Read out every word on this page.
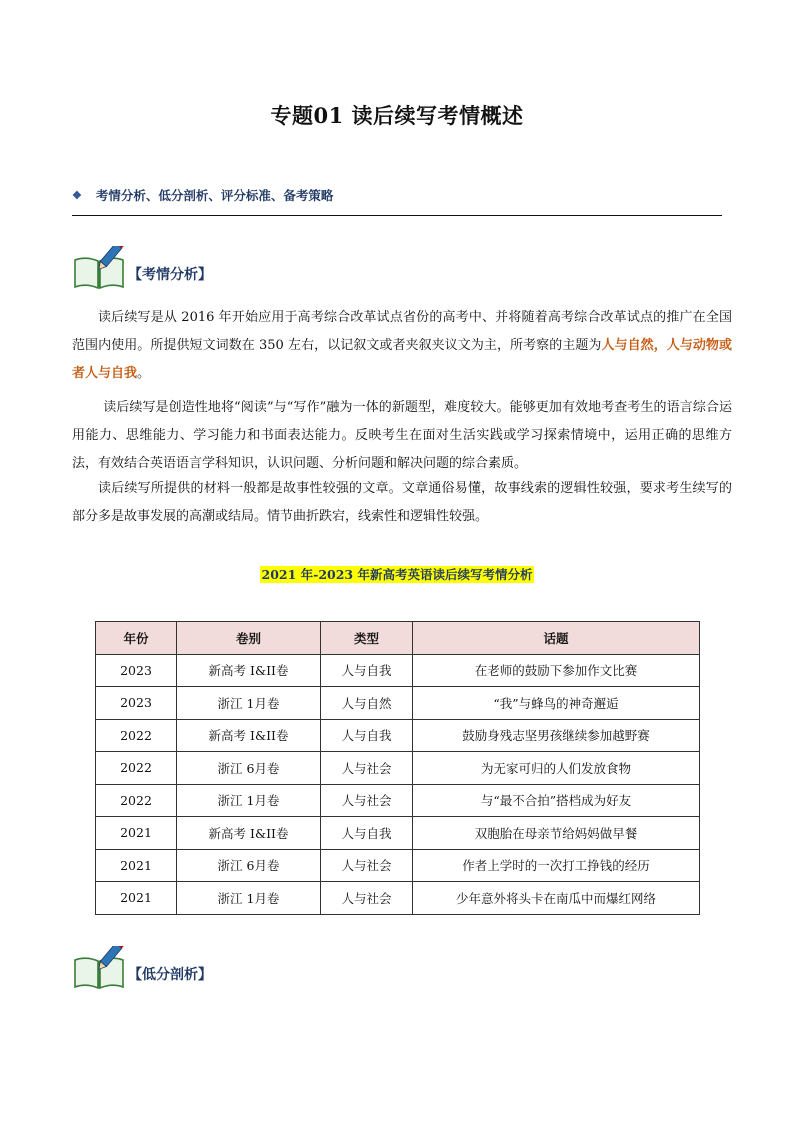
专题01 读后续写考情概述
❖ 考情分析、低分剖析、评分标准、备考策略
【考情分析】

读后续写是从 2016 年开始应用于高考综合改革试点省份的高考中、并将随着高考综合改革试点的推广在全国范围内使用。所提供短文词数在 350 左右，以记叙文或者夹叙夹议文为主，所考察的主题为人与自然，人与动物或者人与自我。

读后续写是创造性地将“阅读”与“写作”融为一体的新题型，难度较大。能够更加有效地考查考生的语言综合运用能力、思维能力、学习能力和书面表达能力。反映考生在面对生活实践或学习探索情境中，运用正确的思维方法，有效结合英语语言学科知识，认识问题、分析问题和解决问题的综合素质。

读后续写所提供的材料一般都是故事性较强的文章。文章通俗易懂，故事线索的逻辑性较强，要求考生续写的部分多是故事发展的高潮或结局。情节曲折跌宕，线索性和逻辑性较强。

2021 年-2023 年新高考英语读后续写考情分析
年份	卷别	类型	话题
2023	新高考 I&II卷	人与自我	在老师的鼓励下参加作文比赛
2023	浙江 1月卷	人与自然	“我”与蜂鸟的神奇邂逅
2022	新高考 I&II卷	人与自我	鼓励身残志坚男孩继续参加越野赛
2022	浙江 6月卷	人与社会	为无家可归的人们发放食物
2022	浙江 1月卷	人与社会	与“最不合拍”搭档成为好友
2021	新高考 I&II卷	人与自我	双胞胎在母亲节给妈妈做早餐
2021	浙江 6月卷	人与社会	作者上学时的一次打工挣钱的经历
2021	浙江 1月卷	人与社会	少年意外将头卡在南瓜中而爆红网络
【低分剖析】
